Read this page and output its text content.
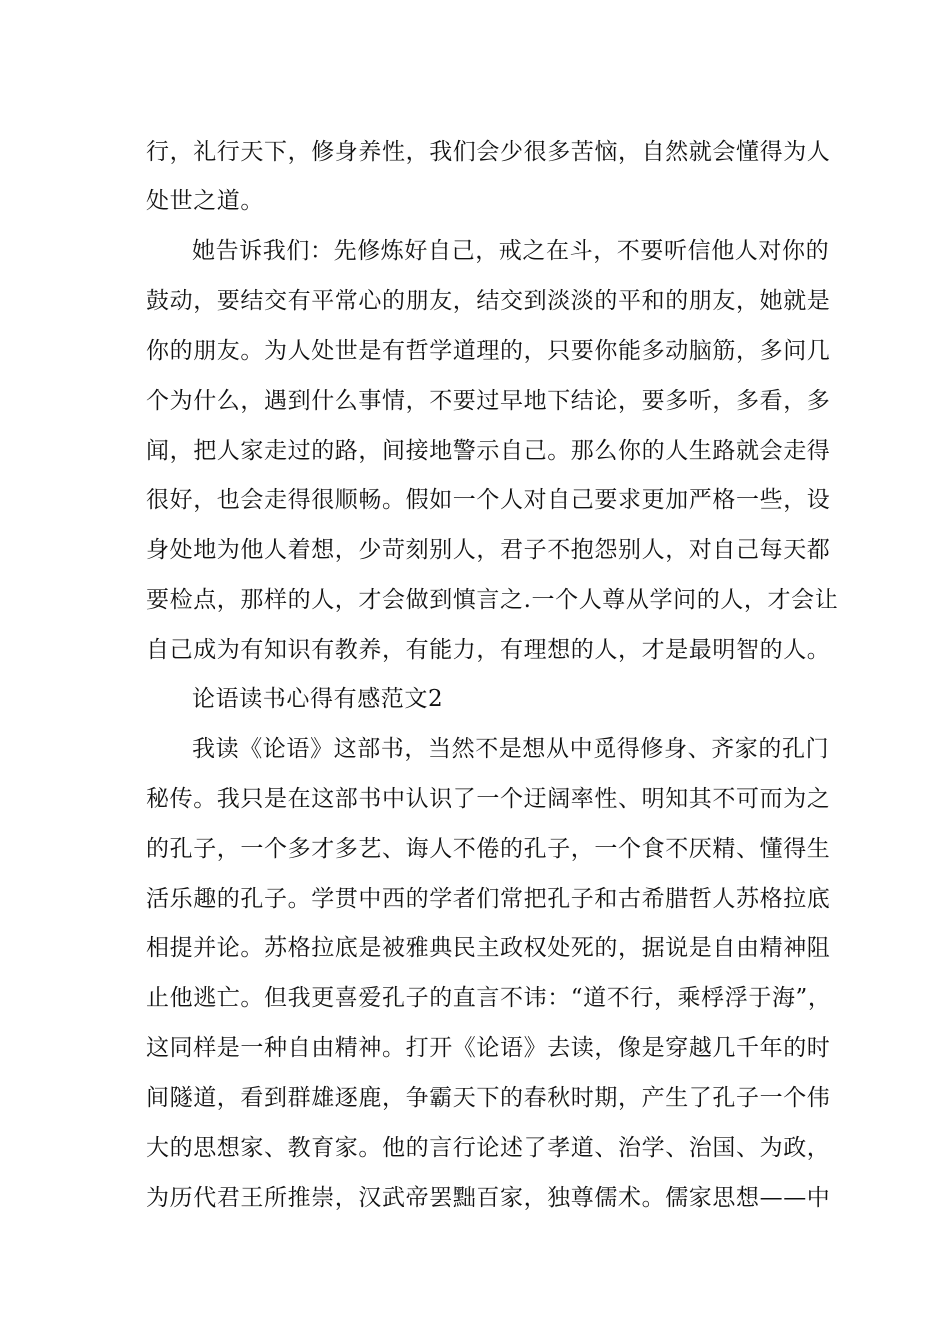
行，礼行天下，修身养性，我们会少很多苦恼，自然就会懂得为人
处世之道。
她告诉我们：先修炼好自己，戒之在斗，不要听信他人对你的
鼓动，要结交有平常心的朋友，结交到淡淡的平和的朋友，她就是
你的朋友。为人处世是有哲学道理的，只要你能多动脑筋，多问几
个为什么，遇到什么事情，不要过早地下结论，要多听，多看，多
闻，把人家走过的路，间接地警示自己。那么你的人生路就会走得
很好，也会走得很顺畅。假如一个人对自己要求更加严格一些，设
身处地为他人着想，少苛刻别人，君子不抱怨别人，对自己每天都
要检点，那样的人，才会做到慎言之.一个人尊从学问的人，才会让
自己成为有知识有教养，有能力，有理想的人，才是最明智的人。
论语读书心得有感范文2
我读《论语》这部书，当然不是想从中觅得修身、齐家的孔门
秘传。我只是在这部书中认识了一个迂阔率性、明知其不可而为之
的孔子，一个多才多艺、诲人不倦的孔子，一个食不厌精、懂得生
活乐趣的孔子。学贯中西的学者们常把孔子和古希腊哲人苏格拉底
相提并论。苏格拉底是被雅典民主政权处死的，据说是自由精神阻
止他逃亡。但我更喜爱孔子的直言不讳：“道不行，乘桴浮于海”，
这同样是一种自由精神。打开《论语》去读，像是穿越几千年的时
间隧道，看到群雄逐鹿，争霸天下的春秋时期，产生了孔子一个伟
大的思想家、教育家。他的言行论述了孝道、治学、治国、为政，
为历代君王所推崇，汉武帝罢黜百家，独尊儒术。儒家思想——中
